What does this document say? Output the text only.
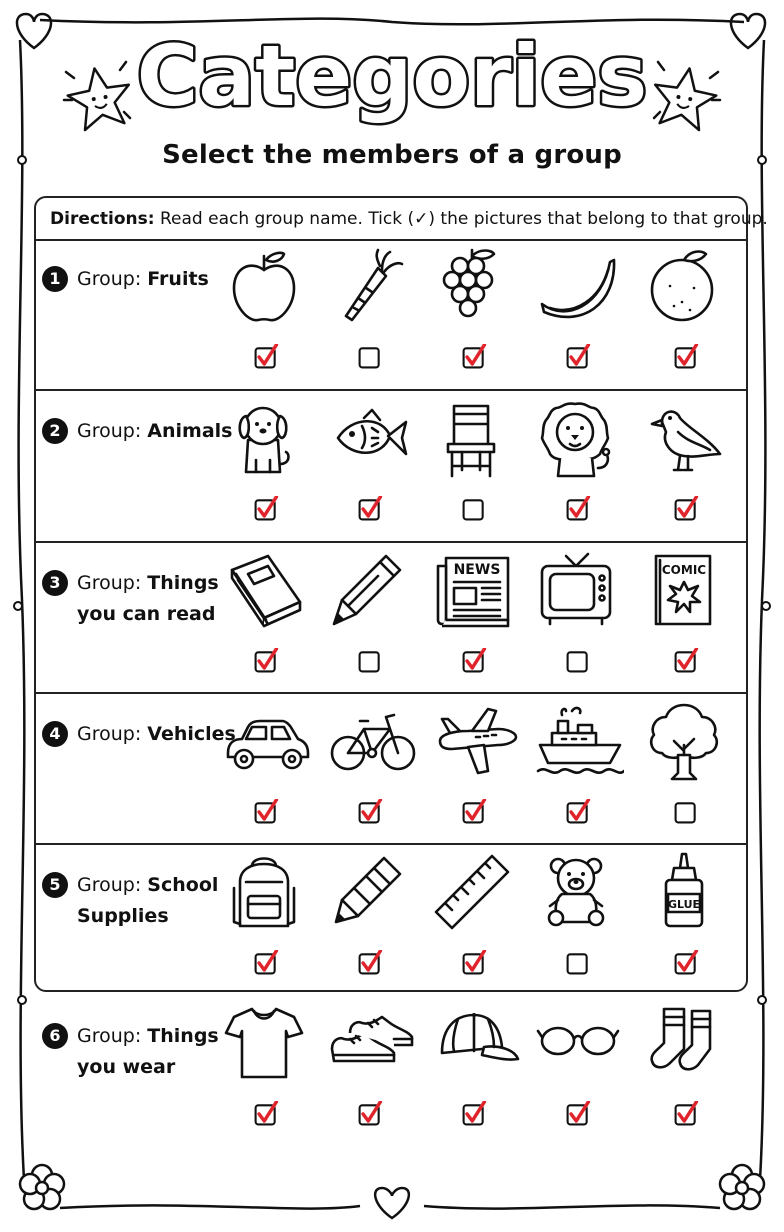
Categories
Select the members of a group
Directions: Read each group name. Tick (✓) the pictures that belong to that group.
1 Group: Fruits
2 Group: Animals
3 Group: Things
you can read
NEWS	COMIC
4 Group: Vehicles
5 Group: School
Supplies
GLUE
6 Group: Things
you wear
